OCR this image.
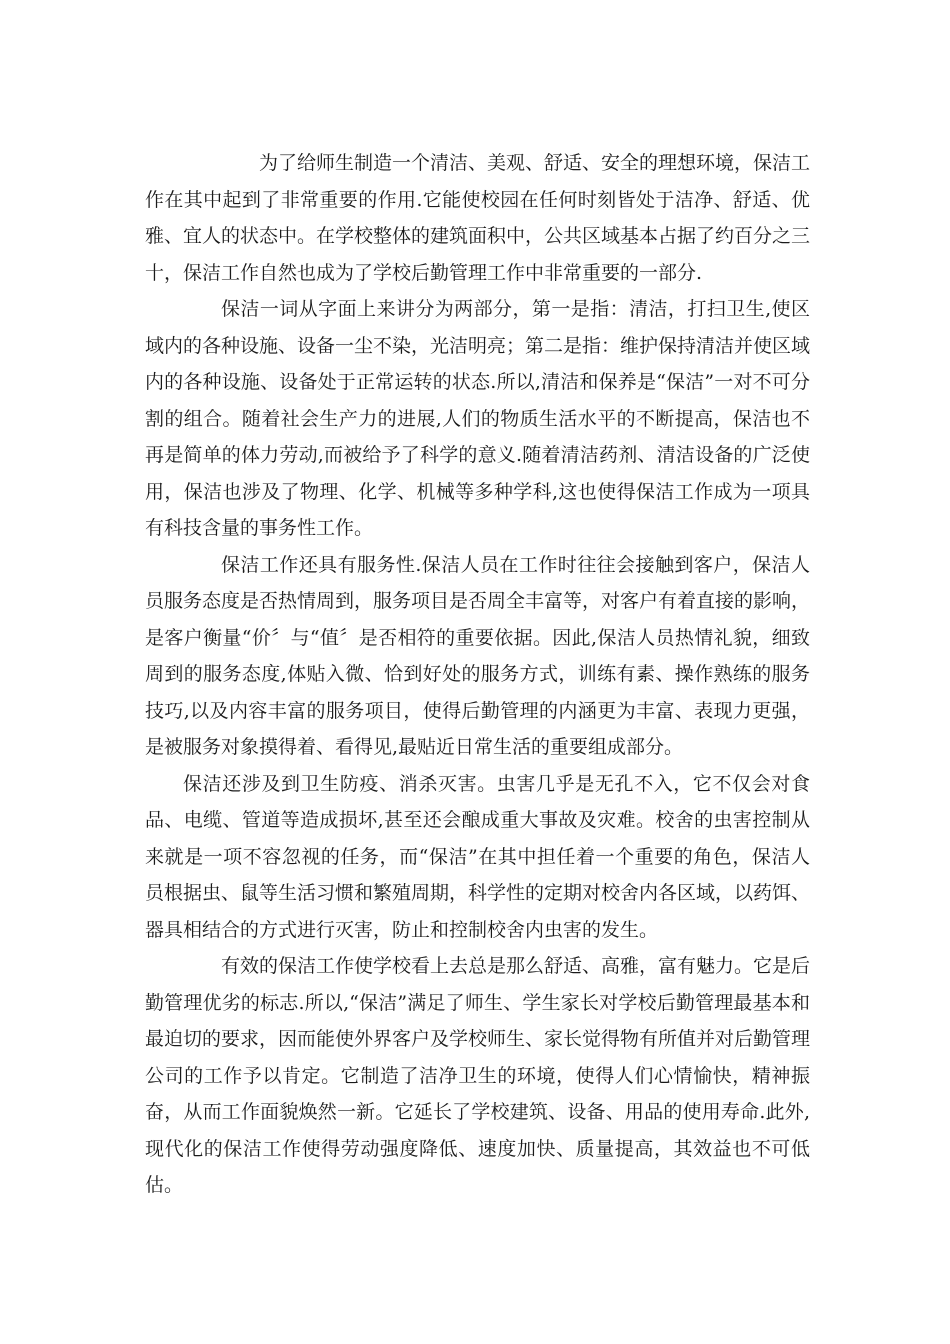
为了给师生制造一个清洁、美观、舒适、安全的理想环境，保洁工作在其中起到了非常重要的作用.它能使校园在任何时刻皆处于洁净、舒适、优雅、宜人的状态中。在学校整体的建筑面积中，公共区域基本占据了约百分之三十，保洁工作自然也成为了学校后勤管理工作中非常重要的一部分.

保洁一词从字面上来讲分为两部分，第一是指：清洁，打扫卫生,使区域内的各种设施、设备一尘不染，光洁明亮；第二是指：维护保持清洁并使区域内的各种设施、设备处于正常运转的状态.所以,清洁和保养是“保洁”一对不可分割的组合。随着社会生产力的进展,人们的物质生活水平的不断提高，保洁也不再是简单的体力劳动,而被给予了科学的意义.随着清洁药剂、清洁设备的广泛使用，保洁也涉及了物理、化学、机械等多种学科,这也使得保洁工作成为一项具有科技含量的事务性工作。

保洁工作还具有服务性.保洁人员在工作时往往会接触到客户，保洁人员服务态度是否热情周到，服务项目是否周全丰富等，对客户有着直接的影响，是客户衡量“价〞与“值〞是否相符的重要依据。因此,保洁人员热情礼貌，细致周到的服务态度,体贴入微、恰到好处的服务方式，训练有素、操作熟练的服务技巧,以及内容丰富的服务项目，使得后勤管理的内涵更为丰富、表现力更强，是被服务对象摸得着、看得见,最贴近日常生活的重要组成部分。

保洁还涉及到卫生防疫、消杀灭害。虫害几乎是无孔不入，它不仅会对食品、电缆、管道等造成损坏,甚至还会酿成重大事故及灾难。校舍的虫害控制从来就是一项不容忽视的任务，而“保洁”在其中担任着一个重要的角色，保洁人员根据虫、鼠等生活习惯和繁殖周期，科学性的定期对校舍内各区域，以药饵、器具相结合的方式进行灭害，防止和控制校舍内虫害的发生。

有效的保洁工作使学校看上去总是那么舒适、高雅，富有魅力。它是后勤管理优劣的标志.所以,“保洁”满足了师生、学生家长对学校后勤管理最基本和最迫切的要求，因而能使外界客户及学校师生、家长觉得物有所值并对后勤管理公司的工作予以肯定。它制造了洁净卫生的环境，使得人们心情愉快，精神振奋，从而工作面貌焕然一新。它延长了学校建筑、设备、用品的使用寿命.此外,现代化的保洁工作使得劳动强度降低、速度加快、质量提高，其效益也不可低估。
